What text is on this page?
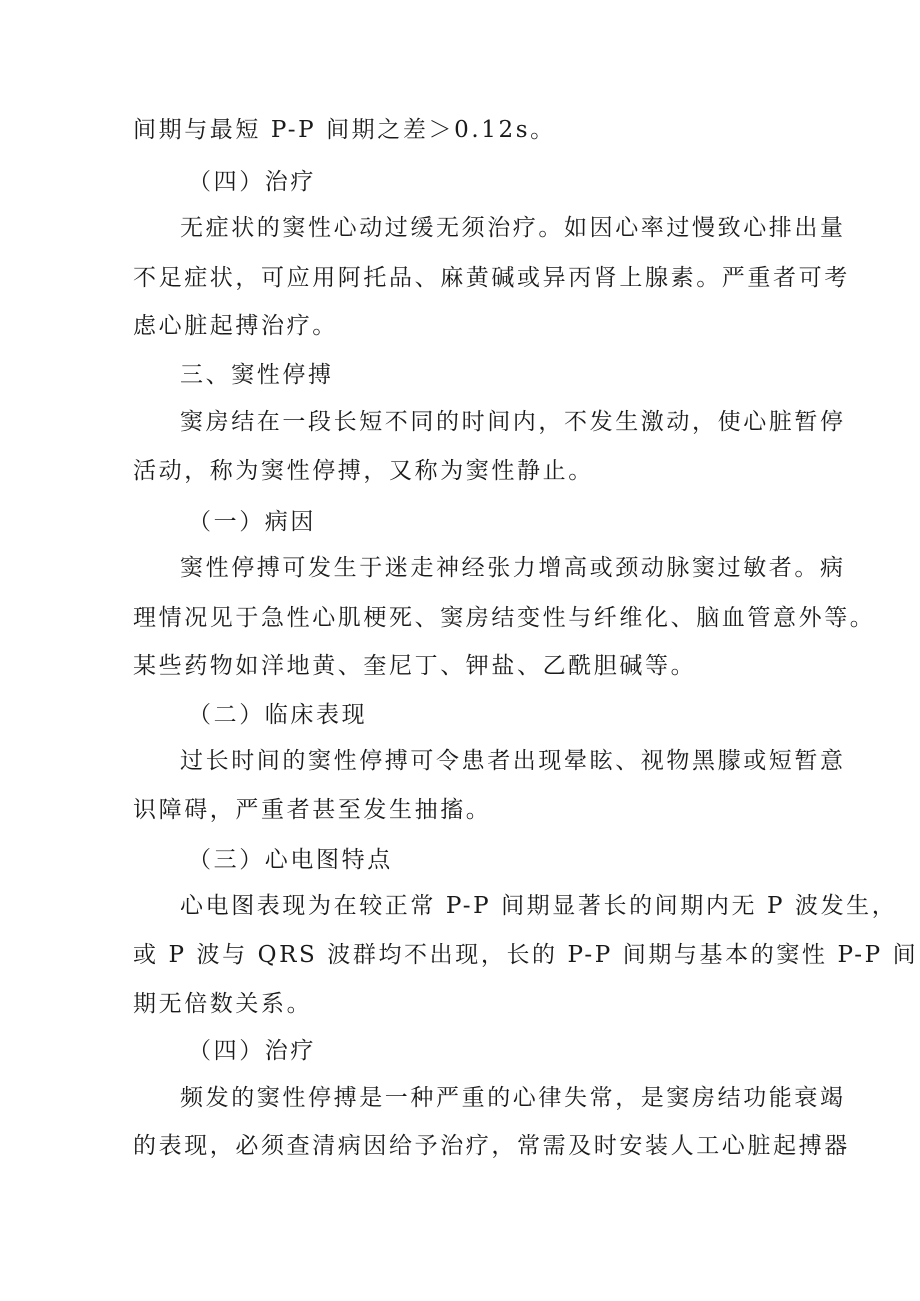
间期与最短 P-P 间期之差＞0.12s。
（四）治疗
无症状的窦性心动过缓无须治疗。如因心率过慢致心排出量
不足症状，可应用阿托品、麻黄碱或异丙肾上腺素。严重者可考
虑心脏起搏治疗。
三、窦性停搏
窦房结在一段长短不同的时间内，不发生激动，使心脏暂停
活动，称为窦性停搏，又称为窦性静止。
（一）病因
窦性停搏可发生于迷走神经张力增高或颈动脉窦过敏者。病
理情况见于急性心肌梗死、窦房结变性与纤维化、脑血管意外等。
某些药物如洋地黄、奎尼丁、钾盐、乙酰胆碱等。
（二）临床表现
过长时间的窦性停搏可令患者出现晕眩、视物黑朦或短暂意
识障碍，严重者甚至发生抽搐。
（三）心电图特点
心电图表现为在较正常 P-P 间期显著长的间期内无 P 波发生，
或 P 波与 QRS 波群均不出现，长的 P-P 间期与基本的窦性 P-P 间
期无倍数关系。
（四）治疗
频发的窦性停搏是一种严重的心律失常，是窦房结功能衰竭
的表现，必须查清病因给予治疗，常需及时安装人工心脏起搏器
